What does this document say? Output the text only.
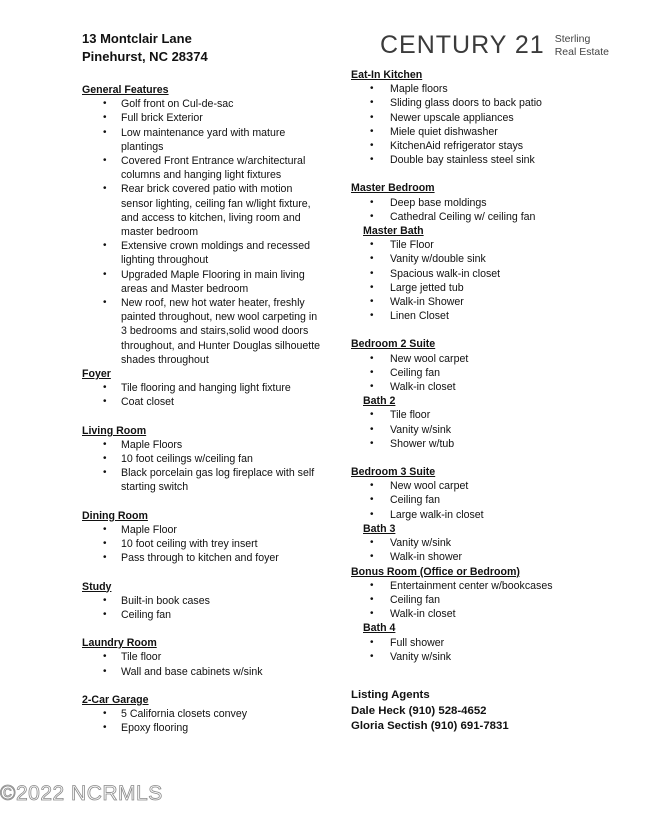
13 Montclair Lane
Pinehurst, NC 28374	CENTURY 21 Sterling
Real Estate
General Features
• Golf front on Cul-de-sac
• Full brick Exterior
• Low maintenance yard with mature plantings
• Covered Front Entrance w/architectural columns and hanging light fixtures
• Rear brick covered patio with motion sensor lighting, ceiling fan w/light fixture, and access to kitchen, living room and master bedroom
• Extensive crown moldings and recessed lighting throughout
• Upgraded Maple Flooring in main living areas and Master bedroom
• New roof, new hot water heater, freshly painted throughout, new wool carpeting in 3 bedrooms and stairs,solid wood doors throughout, and Hunter Douglas silhouette shades throughout
Foyer
• Tile flooring and hanging light fixture
• Coat closet
Living Room
• Maple Floors
• 10 foot ceilings w/ceiling fan
• Black porcelain gas log fireplace with self starting switch
Dining Room
• Maple Floor
• 10 foot ceiling with trey insert
• Pass through to kitchen and foyer
Study
• Built-in book cases
• Ceiling fan
Laundry Room
• Tile floor
• Wall and base cabinets w/sink
2-Car Garage
• 5 California closets convey
• Epoxy flooring
Eat-In Kitchen
• Maple floors
• Sliding glass doors to back patio
• Newer upscale appliances
• Miele quiet dishwasher
• KitchenAid refrigerator stays
• Double bay stainless steel sink
Master Bedroom
• Deep base moldings
• Cathedral Ceiling w/ ceiling fan
Master Bath
• Tile Floor
• Vanity w/double sink
• Spacious walk-in closet
• Large jetted tub
• Walk-in Shower
• Linen Closet
Bedroom 2 Suite
• New wool carpet
• Ceiling fan
• Walk-in closet
Bath 2
• Tile floor
• Vanity w/sink
• Shower w/tub
Bedroom 3 Suite
• New wool carpet
• Ceiling fan
• Large walk-in closet
Bath 3
• Vanity w/sink
• Walk-in shower
Bonus Room (Office or Bedroom)
• Entertainment center w/bookcases
• Ceiling fan
• Walk-in closet
Bath 4
• Full shower
• Vanity w/sink
Listing Agents
Dale Heck (910) 528-4652
Gloria Sectish (910) 691-7831
©2022 NCRMLS
